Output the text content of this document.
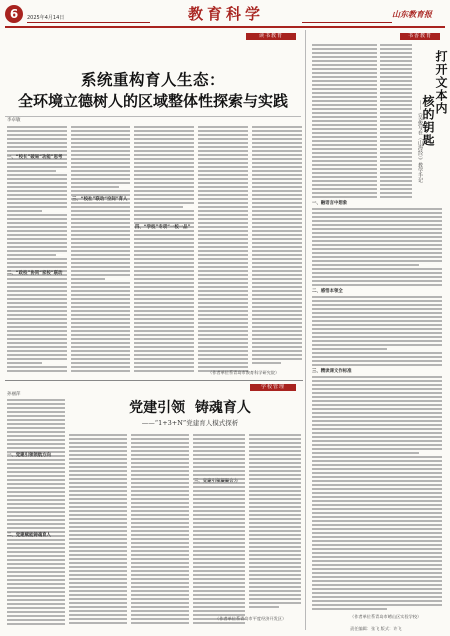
6	2025年4月14日	教育科学	山东教育报
读书教育
系统重构育人生态：
全环境立德树人的区域整体性探索与实践
李卓敏
一、“校长”破局“功能”思考
二、“政校”协同“家校”联动
三、“校社”联动“空间”育人
四、“学校”专项“一校一品”
（作者单位系青岛市教育科学研究院）
书香教育
打开文本内
核的钥匙
——《吴俊写在〈山海经〉》教学手记
一、融语言中想象
二、感悟本领全
三、精读课文作标准
（作者单位系青岛市崂山区实验学校）
学校管理
党建引领  铸魂育人
——“1+3+N”党建育人模式探析
孙丽萍
一、党建引领领航方向
二、党建赋能铸魂育人
（作者单位系青岛市平度经济开发区）
责任编辑：张飞 版式：许飞
